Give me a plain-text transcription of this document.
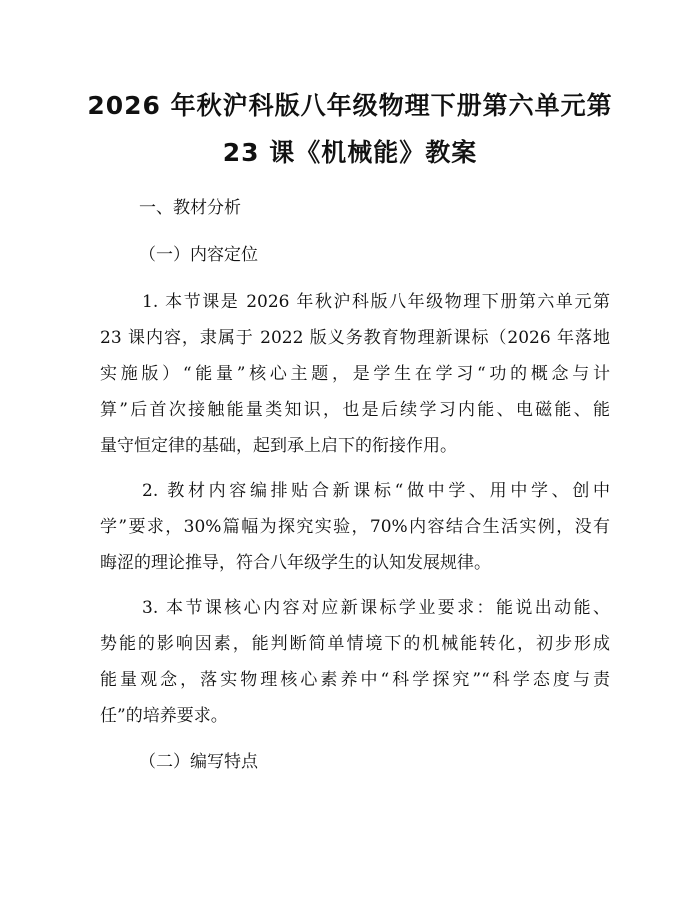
2026 年秋沪科版八年级物理下册第六单元第
23 课《机械能》教案

一、教材分析

（一）内容定位

1. 本节课是 2026 年秋沪科版八年级物理下册第六单元第
23 课内容，隶属于 2022 版义务教育物理新课标（2026 年落地
实施版）“能量”核心主题，是学生在学习“功的概念与计
算”后首次接触能量类知识，也是后续学习内能、电磁能、能
量守恒定律的基础，起到承上启下的衔接作用。
2. 教材内容编排贴合新课标“做中学、用中学、创中
学”要求，30%篇幅为探究实验，70%内容结合生活实例，没有
晦涩的理论推导，符合八年级学生的认知发展规律。
3. 本节课核心内容对应新课标学业要求：能说出动能、
势能的影响因素，能判断简单情境下的机械能转化，初步形成
能量观念，落实物理核心素养中“科学探究”“科学态度与责
任”的培养要求。

（二）编写特点
